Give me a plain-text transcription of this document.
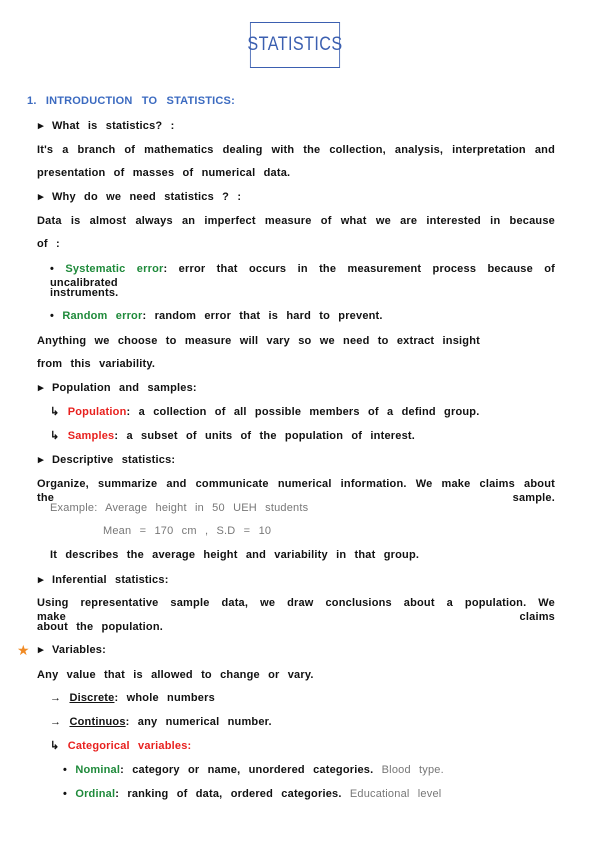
STATISTICS
★
1. INTRODUCTION TO STATISTICS:
▸ What is statistics? :
It's a branch of mathematics dealing with the collection, analysis, interpretation and
presentation of masses of numerical data.
▸ Why do we need statistics ? :
Data is almost always an imperfect measure of what we are interested in because
of :
• Systematic error: error that occurs in the measurement process because of uncalibrated
instruments.
• Random error: random error that is hard to prevent.
Anything we choose to measure will vary so we need to extract insight
from this variability.
▸ Population and samples:
↳ Population: a collection of all possible members of a defind group.
↳ Samples: a subset of units of the population of interest.
▸ Descriptive statistics:
Organize, summarize and communicate numerical information. We make claims about the sample.
Example: Average height in 50 UEH students
Mean = 170 cm , S.D = 10
It describes the average height and variability in that group.
▸ Inferential statistics:
Using representative sample data, we draw conclusions about a population. We make claims
about the population.
▸ Variables:
Any value that is allowed to change or vary.
→ Discrete: whole numbers
→ Continuos: any numerical number.
↳ Categorical variables:
• Nominal: category or name, unordered categories. Blood type.
• Ordinal: ranking of data, ordered categories. Educational level
